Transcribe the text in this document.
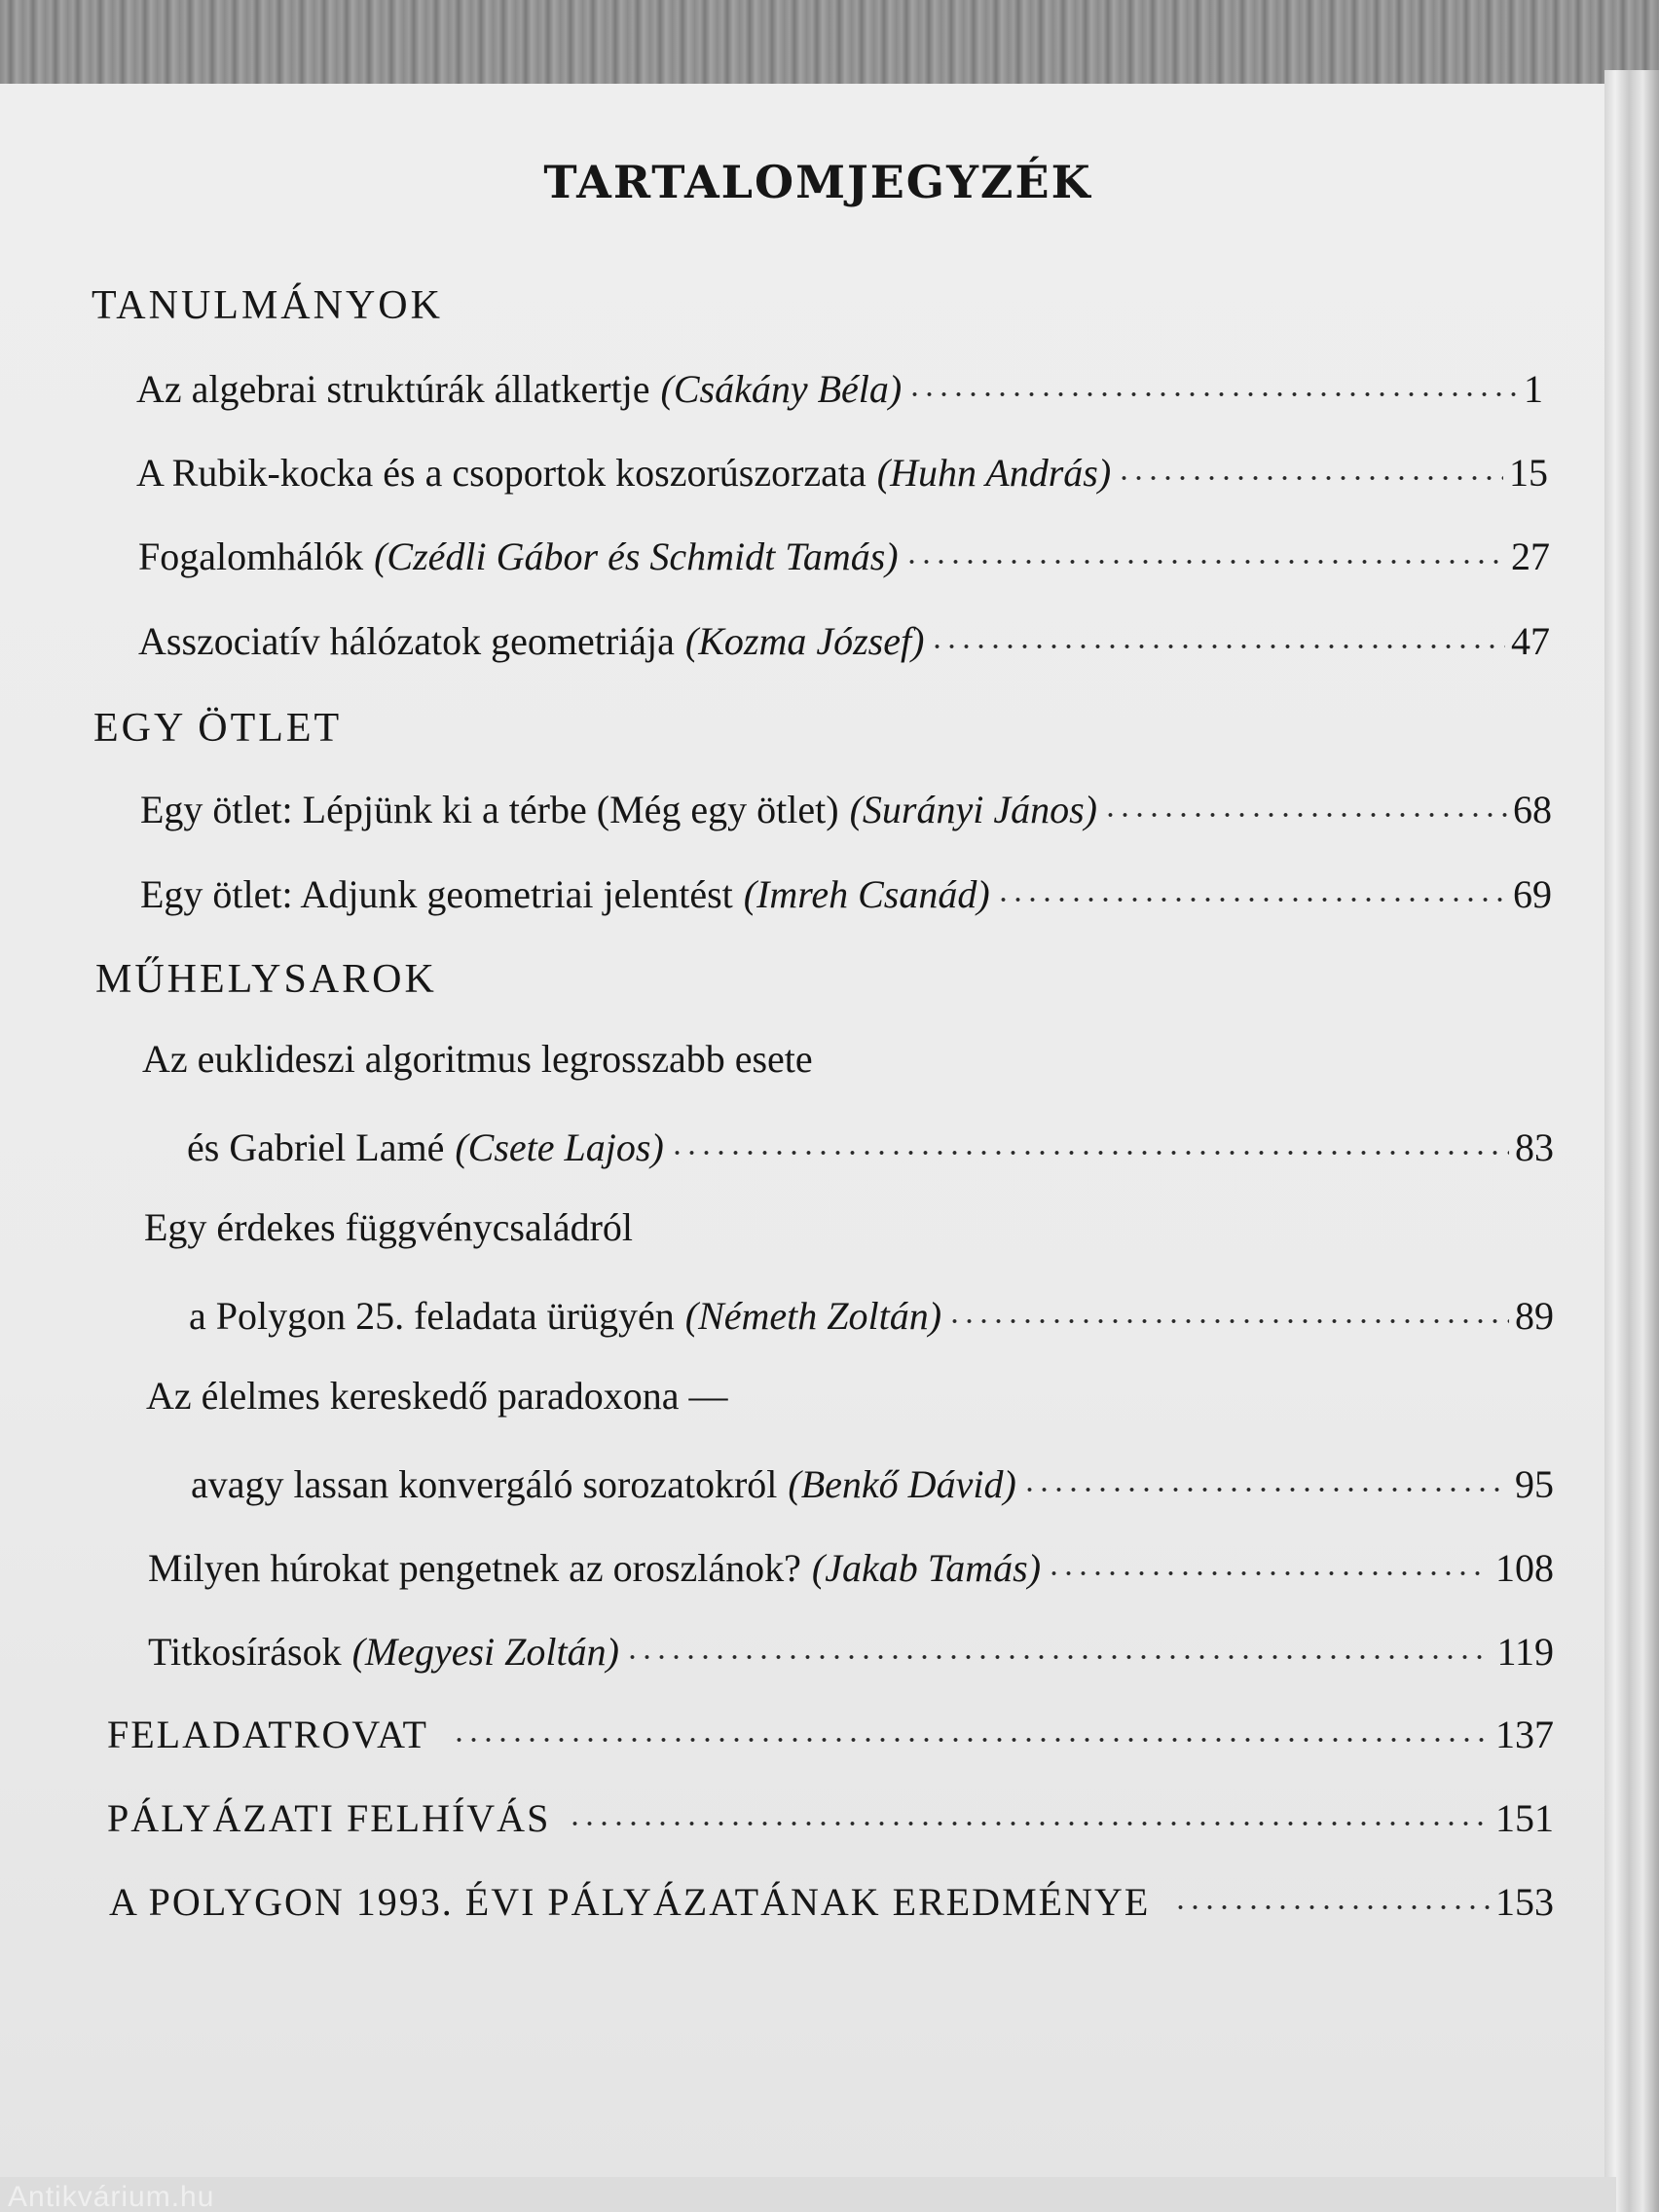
TARTALOMJEGYZÉK
TANULMÁNYOK
Az algebrai struktúrák állatkertje (Csákány Béla)	1
A Rubik-kocka és a csoportok koszorúszorzata (Huhn András)	15
Fogalomhálók (Czédli Gábor és Schmidt Tamás)	27
Asszociatív hálózatok geometriája (Kozma József)	47
EGY ÖTLET
Egy ötlet: Lépjünk ki a térbe (Még egy ötlet) (Surányi János)	68
Egy ötlet: Adjunk geometriai jelentést (Imreh Csanád)	69
MŰHELYSAROK
Az euklideszi algoritmus legrosszabb esete
és Gabriel Lamé (Csete Lajos)	83
Egy érdekes függvénycsaládról
a Polygon 25. feladata ürügyén (Németh Zoltán)	89
Az élelmes kereskedő paradoxona —
avagy lassan konvergáló sorozatokról (Benkő Dávid)	95
Milyen húrokat pengetnek az oroszlánok? (Jakab Tamás)	108
Titkosírások (Megyesi Zoltán)	119
FELADATROVAT	137
PÁLYÁZATI FELHÍVÁS	151
A POLYGON 1993. ÉVI PÁLYÁZATÁNAK EREDMÉNYE	153
Antikvárium.hu
